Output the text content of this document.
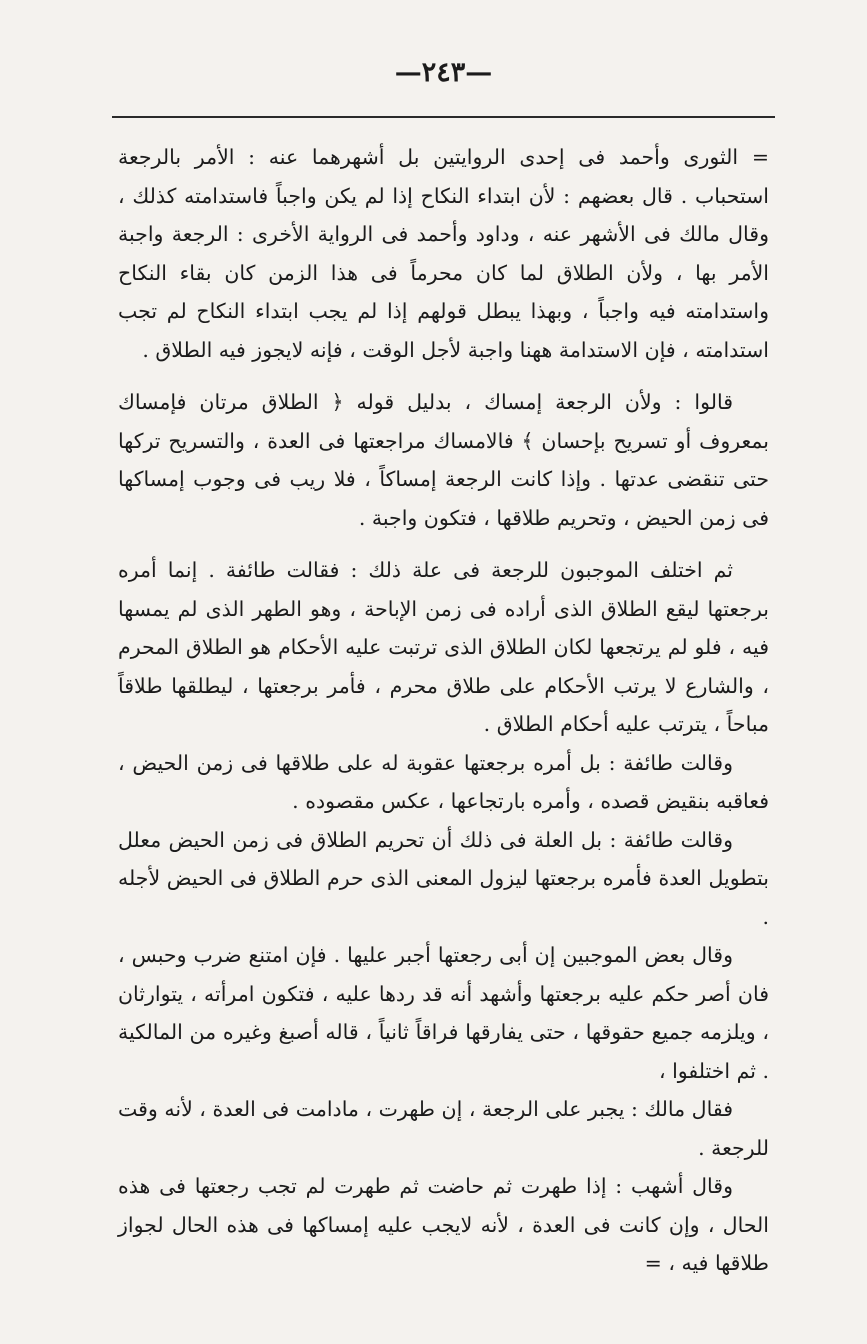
—٢٤٣—

= الثورى وأحمد فى إحدى الروايتين بل أشهرهما عنه : الأمر بالرجعة استحباب . قال بعضهم : لأن ابتداء النكاح إذا لم يكن واجباً فاستدامته كذلك ، وقال مالك فى الأشهر عنه ، وداود وأحمد فى الرواية الأخرى : الرجعة واجبة الأمر بها ، ولأن الطلاق لما كان محرماً فى هذا الزمن كان بقاء النكاح واستدامته فيه واجباً ، وبهذا يبطل قولهم إذا لم يجب ابتداء النكاح لم تجب استدامته ، فإن الاستدامة ههنا واجبة لأجل الوقت ، فإنه لايجوز فيه الطلاق .

قالوا : ولأن الرجعة إمساك ، بدليل قوله ﴿ الطلاق مرتان فإمساك بمعروف أو تسريح بإحسان ﴾ فالامساك مراجعتها فى العدة ، والتسريح تركها حتى تنقضى عدتها . وإذا كانت الرجعة إمساكاً ، فلا ريب فى وجوب إمساكها فى زمن الحيض ، وتحريم طلاقها ، فتكون واجبة .

ثم اختلف الموجبون للرجعة فى علة ذلك : فقالت طائفة . إنما أمره برجعتها ليقع الطلاق الذى أراده فى زمن الإباحة ، وهو الطهر الذى لم يمسها فيه ، فلو لم يرتجعها لكان الطلاق الذى ترتبت عليه الأحكام هو الطلاق المحرم ، والشارع لا يرتب الأحكام على طلاق محرم ، فأمر برجعتها ، ليطلقها طلاقاً مباحاً ، يترتب عليه أحكام الطلاق .

وقالت طائفة : بل أمره برجعتها عقوبة له على طلاقها فى زمن الحيض ، فعاقبه بنقيض قصده ، وأمره بارتجاعها ، عكس مقصوده .

وقالت طائفة : بل العلة فى ذلك أن تحريم الطلاق فى زمن الحيض معلل بتطويل العدة فأمره برجعتها ليزول المعنى الذى حرم الطلاق فى الحيض لأجله .

وقال بعض الموجبين إن أبى رجعتها أجبر عليها . فإن امتنع ضرب وحبس ، فان أصر حكم عليه برجعتها وأشهد أنه قد ردها عليه ، فتكون امرأته ، يتوارثان ، ويلزمه جميع حقوقها ، حتى يفارقها فراقاً ثانياً ، قاله أصبغ وغيره من المالكية . ثم اختلفوا ،

فقال مالك : يجبر على الرجعة ، إن طهرت ، مادامت فى العدة ، لأنه وقت للرجعة .

وقال أشهب : إذا طهرت ثم حاضت ثم طهرت لم تجب رجعتها فى هذه الحال ، وإن كانت فى العدة ، لأنه لايجب عليه إمساكها فى هذه الحال لجواز طلاقها فيه ، =
